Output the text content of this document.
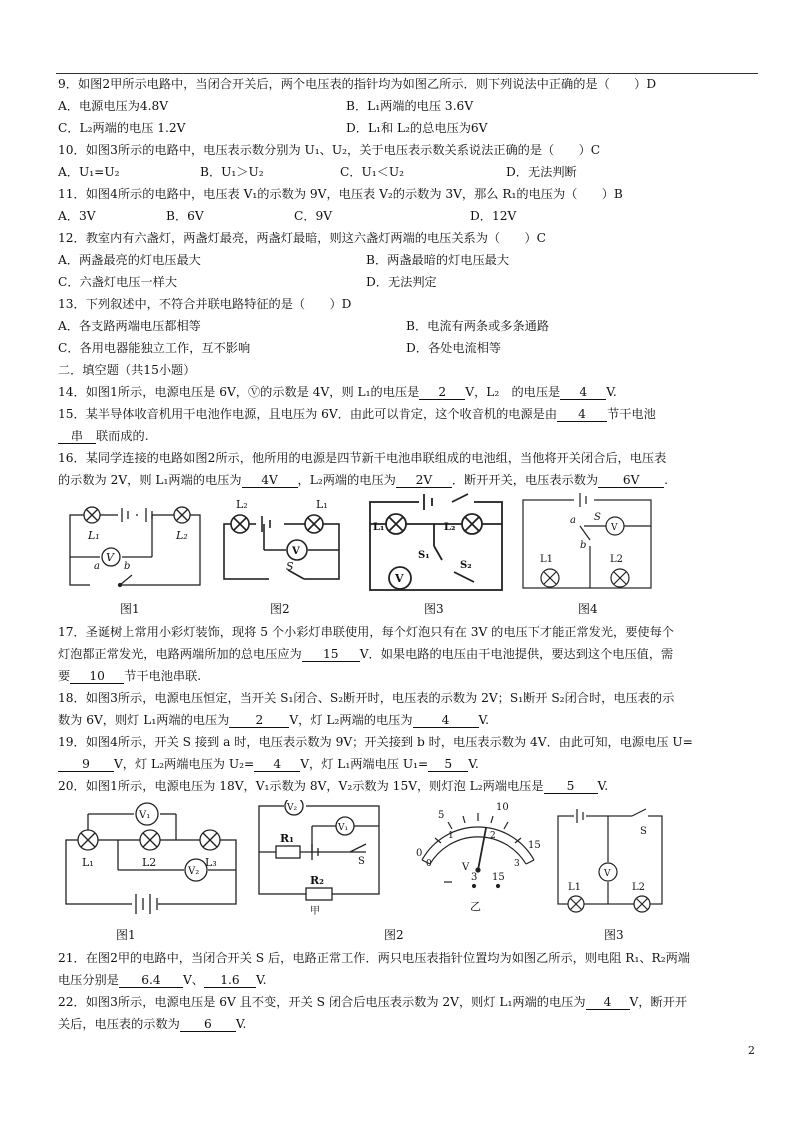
9．如图2甲所示电路中，当闭合开关后，两个电压表的指针均为如图乙所示．则下列说法中正确的是（　　）D
A．电源电压为4.8V	B．L₁两端的电压 3.6V
C．L₂两端的电压 1.2V	D．L₁和 L₂的总电压为6V
10．如图3所示的电路中，电压表示数分别为 U₁、U₂，关于电压表示数关系说法正确的是（　　）C
A．U₁=U₂	B．U₁＞U₂	C．U₁＜U₂	D．无法判断
11．如图4所示的电路中，电压表 V₁的示数为 9V，电压表 V₂的示数为 3V，那么 R₁的电压为（　　）B
A．3V	B．6V	C．9V	D．12V
12．教室内有六盏灯，两盏灯最亮，两盏灯最暗，则这六盏灯两端的电压关系为（　　）C
A．两盏最亮的灯电压最大	B．两盏最暗的灯电压最大
C．六盏灯电压一样大	D．无法判定
13．下列叙述中，不符合并联电路特征的是（　　）D
A．各支路两端电压都相等	B．电流有两条或多条通路
C．各用电器能独立工作，互不影响	D．各处电流相等
二．填空题（共15小题）
14．如图1所示，电源电压是 6V，Ⓥ的示数是 4V，则 L₁的电压是 2 V，L₂　的电压是 4 V.
15．某半导体收音机用干电池作电源，且电压为 6V．由此可以肯定，这个收音机的电源是由 4 节干电池
串 联而成的.
16．某同学连接的电路如图2所示，他所用的电源是四节新干电池串联组成的电池组，当他将开关闭合后，电压表
的示数为 2V，则 L₁两端的电压为 4V ，L₂两端的电压为 2V ．断开开关，电压表示数为 6V .
V
L₁	L₂
a b
V
L₂	L₁
S
L₁	L₂
S₁
S₂
V
a S
b
V
L1	L2
图1	图2	图3	图4
17．圣诞树上常用小彩灯装饰，现将 5 个小彩灯串联使用，每个灯泡只有在 3V 的电压下才能正常发光，要使每个
灯泡都正常发光，电路两端所加的总电压应为 15 V．如果电路的电压由干电池提供，要达到这个电压值，需
要 10 节干电池串联.
18．如图3所示，电源电压恒定，当开关 S₁闭合、S₂断开时，电压表的示数为 2V；S₁断开 S₂闭合时，电压表的示
数为 6V，则灯 L₁两端的电压为 2 V，灯 L₂两端的电压为 4 V.
19．如图4所示，开关 S 接到 a 时，电压表示数为 9V；开关接到 b 时，电压表示数为 4V．由此可知，电源电压 U=
9 V，灯 L₂两端电压为 U₂= 4 V，灯 L₁两端电压 U₁= 5 V.
20．如图1所示，电源电压为 18V，V₁示数为 8V，V₂示数为 15V，则灯泡 L₂两端电压是 5 V.
V₁
V₂
L₁	L2	L₃
V₂
V₁
R₁
R₂
S
甲
0
5
10
15
0
1	2
3
V
3 15
乙
S
V
L1	L2
图1	图2	图3
21．在图2甲的电路中，当闭合开关 S 后，电路正常工作．两只电压表指针位置均为如图乙所示，则电阻 R₁、R₂两端
电压分别是 6.4 V、 1.6 V.
22．如图3所示，电源电压是 6V 且不变，开关 S 闭合后电压表示数为 2V，则灯 L₁两端的电压为 4 V，断开开
关后，电压表的示数为 6 V.
2
